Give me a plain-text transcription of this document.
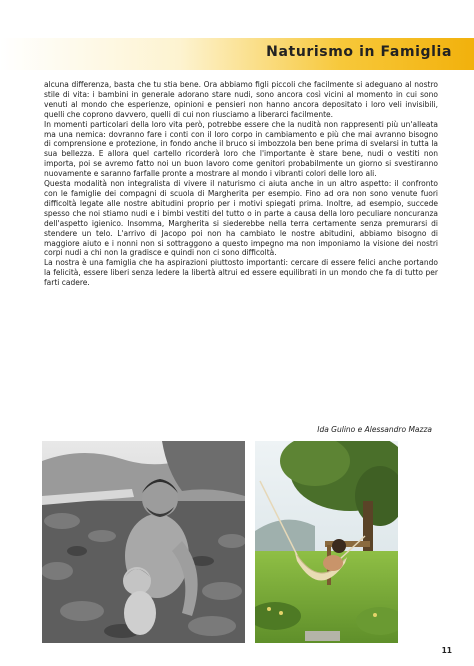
Naturismo in Famiglia

alcuna differenza, basta che tu stia bene. Ora abbiamo figli piccoli che facilmente si adeguano al nostro stile di vita: i bambini in generale adorano stare nudi, sono ancora così vicini al momento in cui sono venuti al mondo che esperienze, opinioni e pensieri non hanno ancora depositato i loro veli invisibili, quelli che coprono davvero, quelli di cui non riusciamo a liberarci facilmente.

In momenti particolari della loro vita però, potrebbe essere che la nudità non rappresenti più un'alleata ma una nemica: dovranno fare i conti con il loro corpo in cambiamento e più che mai avranno bisogno di comprensione e protezione, in fondo anche il bruco si imbozzola ben bene prima di svelarsi in tutta la sua bellezza. E allora quel cartello ricorderà loro che l'importante è stare bene, nudi o vestiti non importa, poi se avremo fatto noi un buon lavoro come genitori probabilmente un giorno si svestiranno nuovamente e saranno farfalle pronte a mostrare al mondo i vibranti colori delle loro ali.

Questa modalità non integralista di vivere il naturismo ci aiuta anche in un altro aspetto: il confronto con le famiglie dei compagni di scuola di Margherita per esempio. Fino ad ora non sono venute fuori difficoltà legate alle nostre abitudini proprio per i motivi spiegati prima. Inoltre, ad esempio, succede spesso che noi stiamo nudi e i bimbi vestiti del tutto o in parte a causa della loro peculiare noncuranza dell'aspetto igienico. Insomma, Margherita si siederebbe nella terra certamente senza premurarsi di stendere un telo. L'arrivo di Jacopo poi non ha cambiato le nostre abitudini, abbiamo bisogno di maggiore aiuto e i nonni non si sottraggono a questo impegno ma non imponiamo la visione dei nostri corpi nudi a chi non la gradisce e quindi non ci sono difficoltà.

La nostra è una famiglia che ha aspirazioni piuttosto importanti: cercare di essere felici anche portando la felicità, essere liberi senza ledere la libertà altrui ed essere equilibrati in un mondo che fa di tutto per farti cadere.

Ida Gulino e Alessandro Mazza
11
